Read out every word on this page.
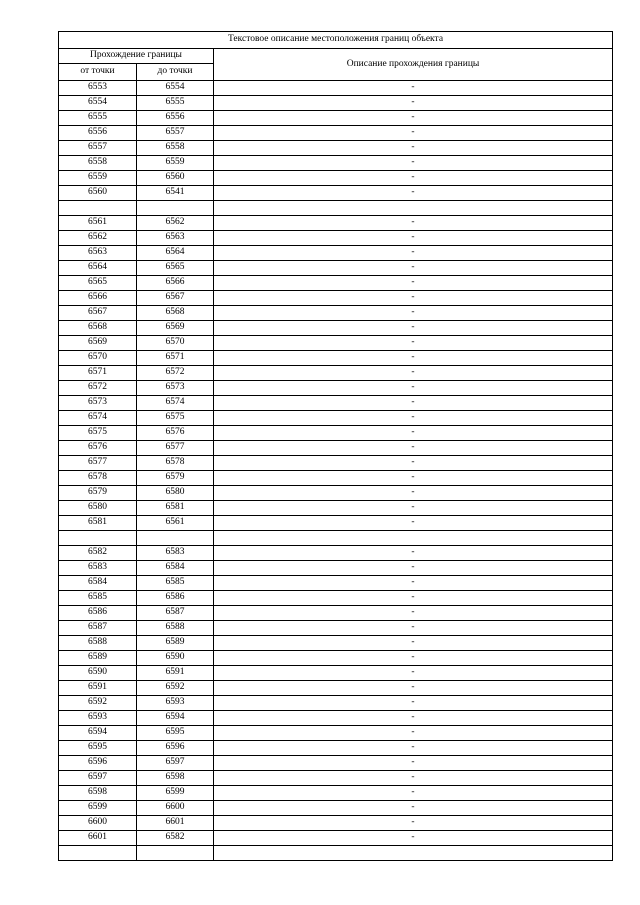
Текстовое описание местоположения границ объекта		
Прохождение границы		Описание прохождения границы
от точки	до точки	
6553	6554	-
6554	6555	-
6555	6556	-
6556	6557	-
6557	6558	-
6558	6559	-
6559	6560	-
6560	6541	-

6561	6562	-
6562	6563	-
6563	6564	-
6564	6565	-
6565	6566	-
6566	6567	-
6567	6568	-
6568	6569	-
6569	6570	-
6570	6571	-
6571	6572	-
6572	6573	-
6573	6574	-
6574	6575	-
6575	6576	-
6576	6577	-
6577	6578	-
6578	6579	-
6579	6580	-
6580	6581	-
6581	6561	-

6582	6583	-
6583	6584	-
6584	6585	-
6585	6586	-
6586	6587	-
6587	6588	-
6588	6589	-
6589	6590	-
6590	6591	-
6591	6592	-
6592	6593	-
6593	6594	-
6594	6595	-
6595	6596	-
6596	6597	-
6597	6598	-
6598	6599	-
6599	6600	-
6600	6601	-
6601	6582	-
